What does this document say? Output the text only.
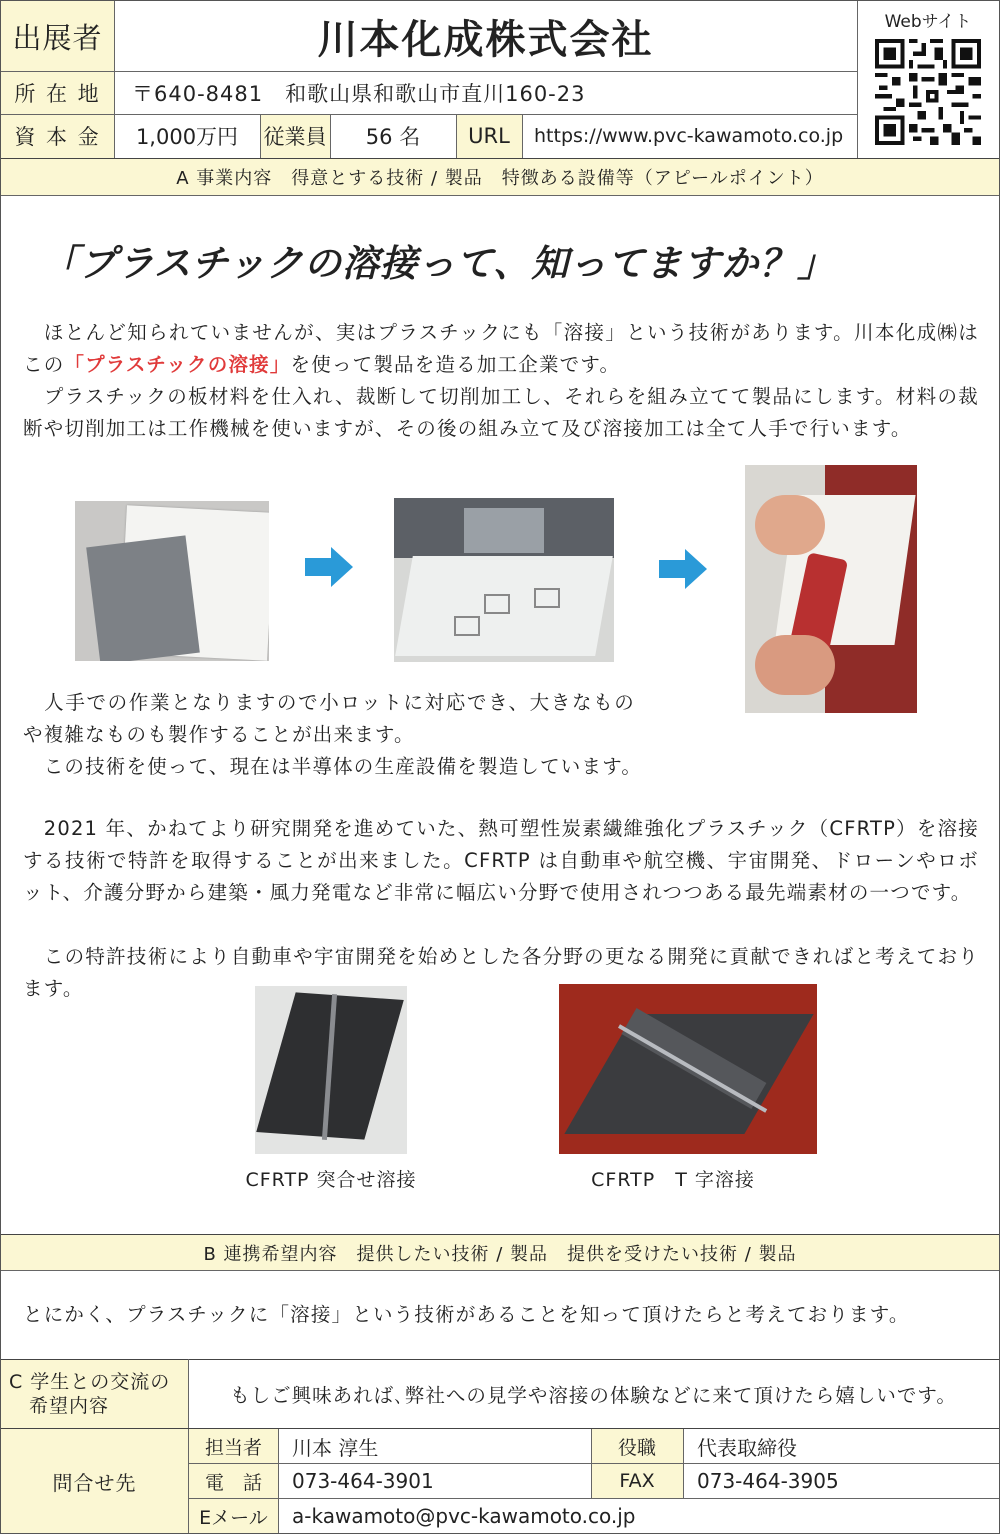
出展者	川本化成株式会社	Webサイト
所 在 地	〒640-8481　和歌山県和歌山市直川160-23
資 本 金	1,000万円	従業員	56 名	URL	https://www.pvc-kawamoto.co.jp
A 事業内容　得意とする技術 / 製品　特徴ある設備等（アピールポイント）
「プラスチックの溶接って、知ってますか？」
　ほとんど知られていませんが、実はプラスチックにも「溶接」という技術があります。川本化成㈱はこの「プラスチックの溶接」を使って製品を造る加工企業です。
　プラスチックの板材料を仕入れ、裁断して切削加工し、それらを組み立てて製品にします。材料の裁断や切削加工は工作機械を使いますが、その後の組み立て及び溶接加工は全て人手で行います。
　人手での作業となりますので小ロットに対応でき、大きなものや複雑なものも製作することが出来ます。
　この技術を使って、現在は半導体の生産設備を製造しています。
　2021 年、かねてより研究開発を進めていた、熱可塑性炭素繊維強化プラスチック（CFRTP）を溶接する技術で特許を取得することが出来ました。CFRTP は自動車や航空機、宇宙開発、ドローンやロボット、介護分野から建築・風力発電など非常に幅広い分野で使用されつつある最先端素材の一つです。
　この特許技術により自動車や宇宙開発を始めとした各分野の更なる開発に貢献できればと考えております。
CFRTP 突合せ溶接	CFRTP　T 字溶接
B 連携希望内容　提供したい技術 / 製品　提供を受けたい技術 / 製品
とにかく、プラスチックに「溶接」という技術があることを知って頂けたらと考えております。
C 学生との交流の
希望内容	もしご興味あれば､弊社への見学や溶接の体験などに来て頂けたら嬉しいです。
問合せ先
担当者	川本 淳生	役職	代表取締役
電　話	073-464-3901	FAX	073-464-3905
Eメール	a-kawamoto@pvc-kawamoto.co.jp
